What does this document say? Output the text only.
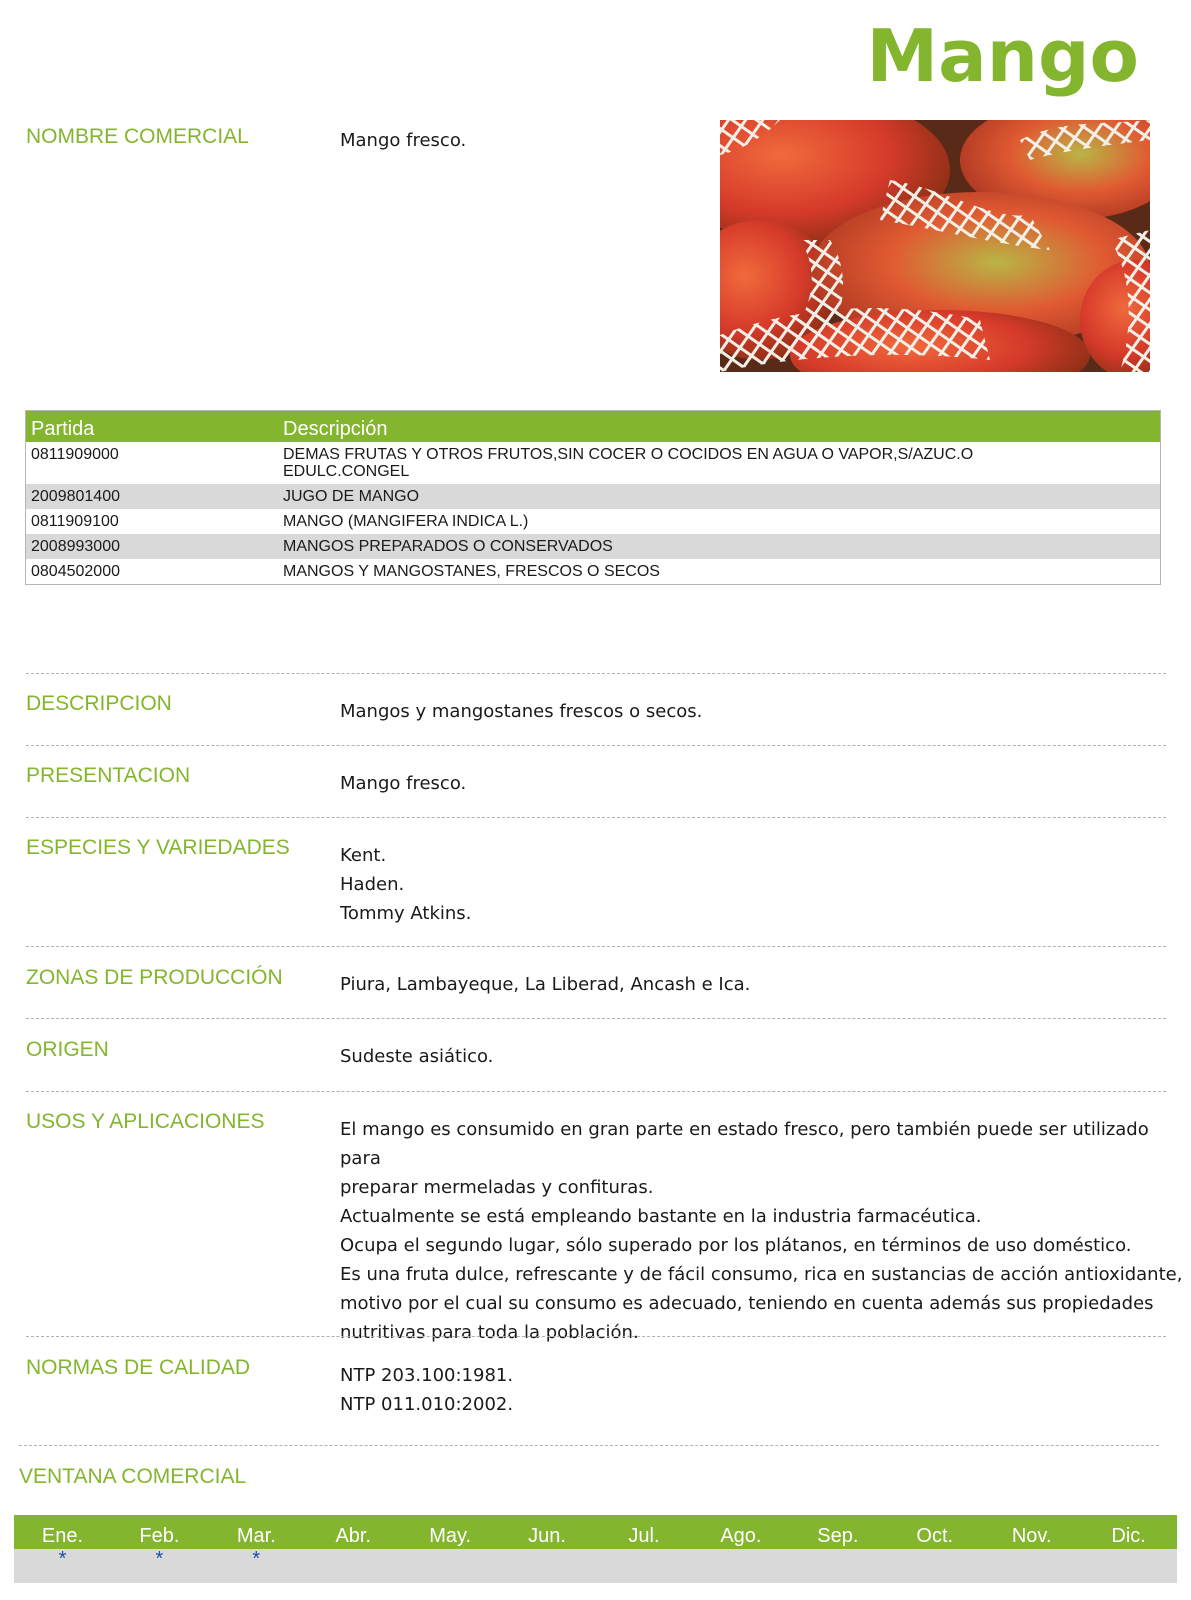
Mango
NOMBRE COMERCIAL	Mango fresco.
Partida	Descripción
0811909000	DEMAS FRUTAS Y OTROS FRUTOS,SIN COCER O COCIDOS EN AGUA O VAPOR,S/AZUC.O
EDULC.CONGEL

2009801400	JUGO DE MANGO
0811909100	MANGO (MANGIFERA INDICA L.)
2008993000	MANGOS PREPARADOS O CONSERVADOS
0804502000	MANGOS Y MANGOSTANES, FRESCOS O SECOS
DESCRIPCION	Mangos y mangostanes frescos o secos.
PRESENTACION	Mango fresco.
ESPECIES Y VARIEDADES	Kent.
Haden.
Tommy Atkins.
ZONAS DE PRODUCCIÓN	Piura, Lambayeque, La Liberad, Ancash e Ica.
ORIGEN	Sudeste asiático.
USOS Y APLICACIONES	El mango es consumido en gran parte en estado fresco, pero también puede ser utilizado para
preparar mermeladas y confituras.
Actualmente se está empleando bastante en la industria farmacéutica.
Ocupa el segundo lugar, sólo superado por los plátanos, en términos de uso doméstico.
Es una fruta dulce, refrescante y de fácil consumo, rica en sustancias de acción antioxidante,
motivo por el cual su consumo es adecuado, teniendo en cuenta además sus propiedades
nutritivas para toda la población.
NORMAS DE CALIDAD	NTP 203.100:1981.
NTP 011.010:2002.
VENTANA COMERCIAL
Ene.	Feb.	Mar.	Abr.	May.	Jun.	Jul.	Ago.	Sep.	Oct.	Nov.	Dic.
*	*	*
